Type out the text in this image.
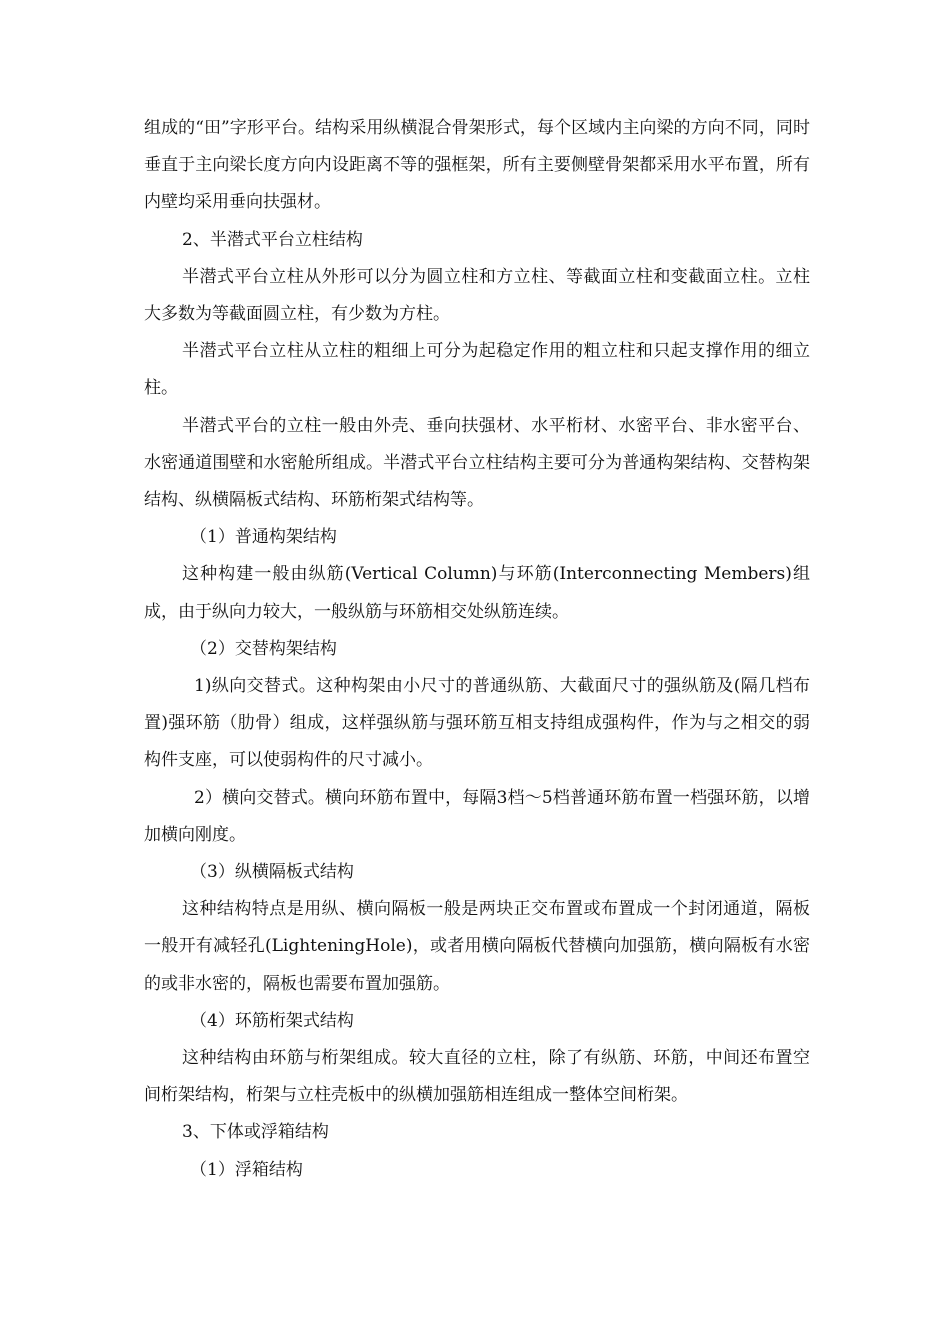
组成的“田”字形平台。结构采用纵横混合骨架形式，每个区域内主向梁的方向不同，同时垂直于主向梁长度方向内设距离不等的强框架，所有主要侧壁骨架都采用水平布置，所有内壁均采用垂向扶强材。

2、半潜式平台立柱结构

半潜式平台立柱从外形可以分为圆立柱和方立柱、等截面立柱和变截面立柱。立柱大多数为等截面圆立柱，有少数为方柱。

半潜式平台立柱从立柱的粗细上可分为起稳定作用的粗立柱和只起支撑作用的细立柱。

半潜式平台的立柱一般由外壳、垂向扶强材、水平桁材、水密平台、非水密平台、水密通道围壁和水密舱所组成。半潜式平台立柱结构主要可分为普通构架结构、交替构架结构、纵横隔板式结构、环筋桁架式结构等。

（1）普通构架结构

这种构建一般由纵筋(Vertical Column)与环筋(Interconnecting Members)组成，由于纵向力较大，一般纵筋与环筋相交处纵筋连续。

（2）交替构架结构

1)纵向交替式。这种构架由小尺寸的普通纵筋、大截面尺寸的强纵筋及(隔几档布置)强环筋（肋骨）组成，这样强纵筋与强环筋互相支持组成强构件，作为与之相交的弱构件支座，可以使弱构件的尺寸减小。

2）横向交替式。横向环筋布置中，每隔3档～5档普通环筋布置一档强环筋，以增加横向刚度。

（3）纵横隔板式结构

这种结构特点是用纵、横向隔板一般是两块正交布置或布置成一个封闭通道，隔板一般开有减轻孔(LighteningHole)，或者用横向隔板代替横向加强筋，横向隔板有水密的或非水密的，隔板也需要布置加强筋。

（4）环筋桁架式结构

这种结构由环筋与桁架组成。较大直径的立柱，除了有纵筋、环筋，中间还布置空间桁架结构，桁架与立柱壳板中的纵横加强筋相连组成一整体空间桁架。

3、下体或浮箱结构

（1）浮箱结构
